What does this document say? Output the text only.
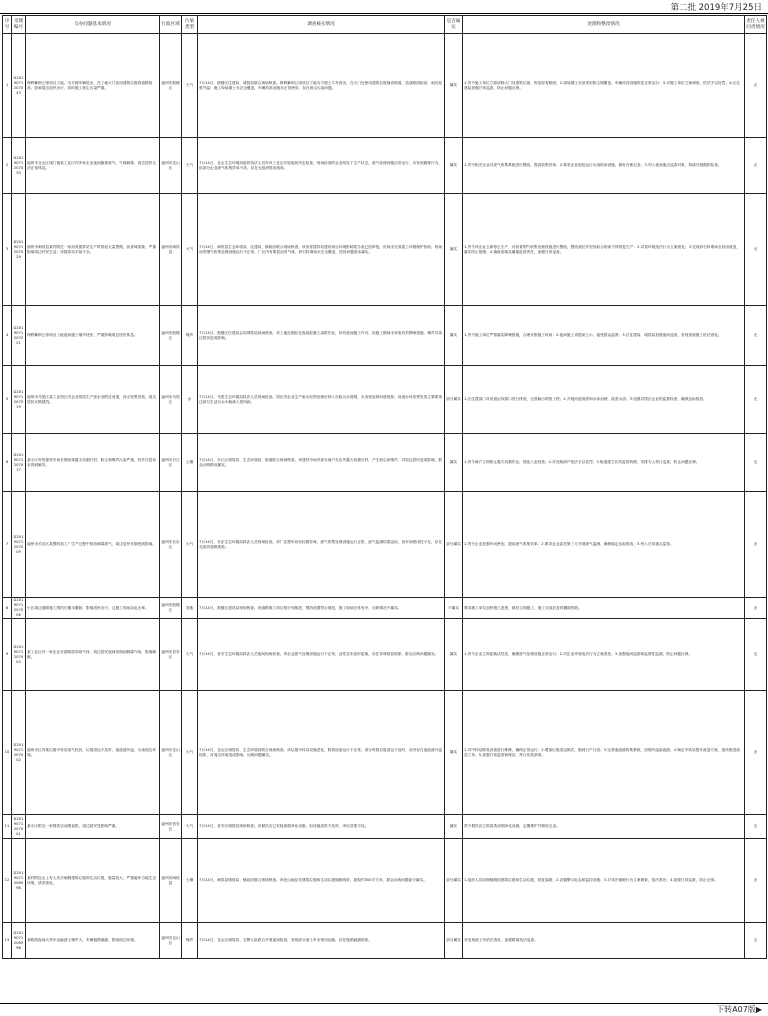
第二批 2019年7月25日
序号	受理编号	交办问题基本情况	行政区域	污染类型	调查核实情况	是否属实	处理和整改情况	责任人被问责情况
1	D2019071207043	保利紫荆公馆项目工地，为方便车辆进出，在工地大门处用建筑垃圾将道路抬高，影响周边居民出行，同时施工扬尘污染严重。	福州市鼓楼区	大气	7月14日，鼓楼区住建局、城管局联合现场核查。保利紫荆公馆项目工地为方便土方车进出，在大门处使用建筑垃圾铺设坡道，造成路面抬高，雨后泥浆外溢；施工现场裸土未完全覆盖，车辆冲洗设施未正常使用，存在扬尘污染问题。	属实	1.责令施工单位立即清除大门处建筑垃圾，恢复原有路面；2.现场裸土全部采用防尘网覆盖，车辆冲洗设施恢复正常运行；3.对施工单位立案调查，依法予以处罚；4.区住建局加强日常巡查，防止问题反弹。	无
2	D2019071207030	福州市仓山区城门镇某工业区内多家企业夜间偷排废气，气味刺鼻，周边居民无法正常休息。	福州市仓山区	大气	7月14日，仓山生态环境局组织执法人员对该工业区开展夜间突击检查。现场检查的企业均处于生产状态，废气处理设施正常运行，未发现偷排行为，但部分企业废气收集效率不高，存在无组织排放现象。	属实	1.责令相关企业对废气收集系统进行整改，提高收集效率；2.要求企业规范运行污染防治设施，做好台账记录；3.列入夜间重点巡查对象，持续开展跟踪检查。	无
3	D2019071207029	福州市闽侯县某村附近一家沥青搅拌站生产时排放大量黑烟，沥青味浓重，严重影响周边村民生活；该搅拌站手续不全。	福州市闽侯县	大气	7月14日，闽侯县生态环境局、住建局、镇政府联合现场核查。该沥青搅拌站建设项目环境影响报告表已经审批，但尚未完成竣工环境保护验收；现场沥青烟气收集处理设施运行不正常，厂区内有明显沥青气味，砂石料堆场未完全覆盖，投诉问题基本属实。	属实	1.责令该企业立即停止生产，对沥青烟气收集处理设施进行整改，整改到位并经验收合格前不得恢复生产；2.对其环境违法行为立案查处；3.完成砂石料堆场全封闭改造，落实防尘措施；4.镇政府落实属地监管责任，加强日常巡查。	无
4	D2019071207021	保利紫荆公馆项目工地夜间施工噪声扰民，严重影响周边居民休息。	福州市鼓楼区	噪声	7月14日，鼓楼区住建局会同城管局现场核查。该工地近期存在夜间混凝土浇筑作业，持有夜间施工许可，但施工期间未采取有效降噪措施，噪声对周边居民造成影响。	属实	1.责令施工单位严格落实降噪措施，合理安排施工时间；2.夜间施工须提前公示，接受群众监督；3.区住建局、城管局加强夜间巡查，发现违规施工依法查处。	无
5	D2019071207019	福州市马尾区某工业园区内企业排放生产废水至附近河道，河水发黑发臭，周边居民反映强烈。	福州市马尾区	水	7月14日，马尾生态环境局执法人员现场检查。园区内企业生产废水经预处理后纳入市政污水管网，未发现直排河道现象；河道水体发黑发臭主要系周边部分生活污水未截流入管所致。	部分属实	1.区住建部门对河道沿线排口进行排查，完善截污纳管工程；2.开展河道清淤和水体治理，改善水质；3.加强对园区企业的监督检查，确保达标排放。	无
6	D2019071207017	某小区旁的建材市场长期违规露天切割石材，粉尘和噪声污染严重，经多次投诉未得到解决。	福州市台江区	土壤	7月14日，台江区城管局、生态环境局、街道联合现场核查。该建材市场内部分商户在店外露天切割石材，产生粉尘和噪声，对周边居民造成影响，群众反映情况属实。	属实	1.责令商户立即停止露天切割作业，规范入室经营；2.对违规商户依法予以处罚；3.街道建立长效监管机制，安排专人每日巡查，防止问题反弹。	无
7	D2019071207009	福州市长乐区某塑料加工厂生产过程中排放刺鼻废气，周边居民长期受到影响。	福州市长乐区	大气	7月14日，长乐生态环境局执法人员现场检查。该厂注塑车间有轻微异味，废气收集处理设施运行正常，废气监测结果达标，但车间密闭性不足，存在无组织逸散现象。	部分属实	1.责令企业加强车间密闭，提高废气收集效率；2.要求企业委托第三方开展废气监测，确保稳定达标排放；3.列入日常重点监管。	无
8	D2019071207006	小区周边道路施工围挡长期未撤除，影响居民出行，且施工现场杂乱无章。	福州市鼓楼区	其他	7月14日，鼓楼区建设局现场核查。该道路施工项目按计划推进，围挡设置符合规范，施工现场总体有序，反映情况不属实。	不属实	要求施工单位加快施工进度，做好文明施工，施工完成后及时撤除围挡。	无
9	D2019071207004	某工业区内一家企业长期排放异味气体，周边居民夜间常闻到刺鼻气味，影响睡眠。	福州市晋安区	大气	7月14日，晋安生态环境局执法人员夜间现场检查。该企业废气处理设施运行不正常，活性炭未及时更换，存在异味排放现象，群众反映问题属实。	属实	1.责令企业立即更换活性炭，确保废气处理设施正常运行；2.对企业环境违法行为立案查处；3.加强夜间巡查和监督性监测，防止问题反弹。	无
10	D2019071207002	福州市区内某垃圾中转站臭气扰民，垃圾清运不及时，渗滤液外溢，污染周边环境。	福州市仓山区	大气	7月14日，仓山区城管局、生态环境局联合现场核查。该垃圾中转站设施老化，除臭设备运行不正常，部分时段垃圾清运不及时，站内存在渗滤液外溢现象，对周边环境造成影响，反映问题属实。	属实	1.对中转站除臭设备进行维修，确保正常运行；2.增加垃圾清运频次，做到日产日清；3.完善渗滤液收集系统，清理外溢渗滤液；4.制定中转站提升改造方案，加快推进改造工作；5.加强日常监管和保洁，每日冲洗消毒。	无
11	D2019071207001	某小区附近一家餐饮店油烟直排，周边居民受影响严重。	福州市晋安区	大气	7月14日，晋安区城管局现场核查。该餐饮店已安装油烟净化设施，但设施清洗不及时，净化效果不佳。	属实	责令餐饮店立即清洗油烟净化设施，定期维护并做好记录。	无
12	D2019071206998	某村附近山上有人非法倾倒建筑垃圾和生活垃圾，数量较大，严重破坏当地生态环境，请求查处。	福州市闽侯县	土壤	7月14日，闽侯县城管局、镇政府联合现场核查。该处山地存在建筑垃圾和生活垃圾倾倒现象，面积约300平方米，群众反映问题部分属实。	部分属实	1.组织人员清理倾倒的建筑垃圾和生活垃圾，恢复原貌；2.设置警示标志和监控设施；3.对非法倾倒行为立案调查，依法查处；4.加强日常巡查，防止反弹。	无
13	D2019071206996	某路段夜间大货车运输渣土噪声大，车辆抛洒滴漏，影响周边环境。	福州市仓山区	噪声	7月14日，仓山区城管局、交警大队联合开展夜间检查，发现部分渣土车未密闭运输，存在抛洒滴漏现象。	部分属实	对违规渣土车依法查处，加强路面执法巡查。	无
下转A07版▶
